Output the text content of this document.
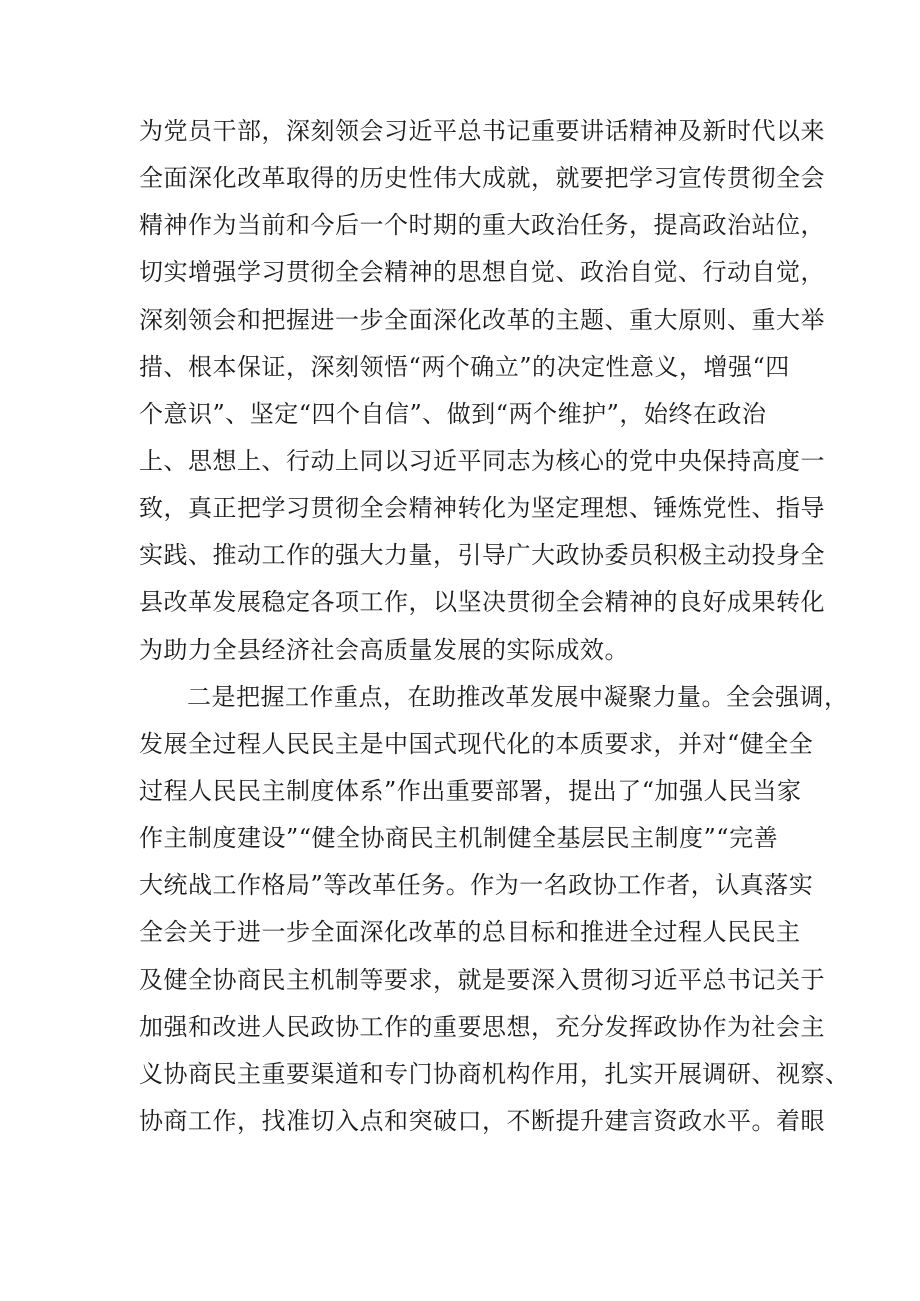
为党员干部，深刻领会习近平总书记重要讲话精神及新时代以来
全面深化改革取得的历史性伟大成就，就要把学习宣传贯彻全会
精神作为当前和今后一个时期的重大政治任务，提高政治站位，
切实增强学习贯彻全会精神的思想自觉、政治自觉、行动自觉，
深刻领会和把握进一步全面深化改革的主题、重大原则、重大举
措、根本保证，深刻领悟“两个确立”的决定性意义，增强“四
个意识”、坚定“四个自信”、做到“两个维护”，始终在政治
上、思想上、行动上同以习近平同志为核心的党中央保持高度一
致，真正把学习贯彻全会精神转化为坚定理想、锤炼党性、指导
实践、推动工作的强大力量，引导广大政协委员积极主动投身全
县改革发展稳定各项工作，以坚决贯彻全会精神的良好成果转化
为助力全县经济社会高质量发展的实际成效。
二是把握工作重点，在助推改革发展中凝聚力量。全会强调，
发展全过程人民民主是中国式现代化的本质要求，并对“健全全
过程人民民主制度体系”作出重要部署，提出了“加强人民当家
作主制度建设”“健全协商民主机制健全基层民主制度”“完善
大统战工作格局”等改革任务。作为一名政协工作者，认真落实
全会关于进一步全面深化改革的总目标和推进全过程人民民主
及健全协商民主机制等要求，就是要深入贯彻习近平总书记关于
加强和改进人民政协工作的重要思想，充分发挥政协作为社会主
义协商民主重要渠道和专门协商机构作用，扎实开展调研、视察、
协商工作，找准切入点和突破口，不断提升建言资政水平。着眼
